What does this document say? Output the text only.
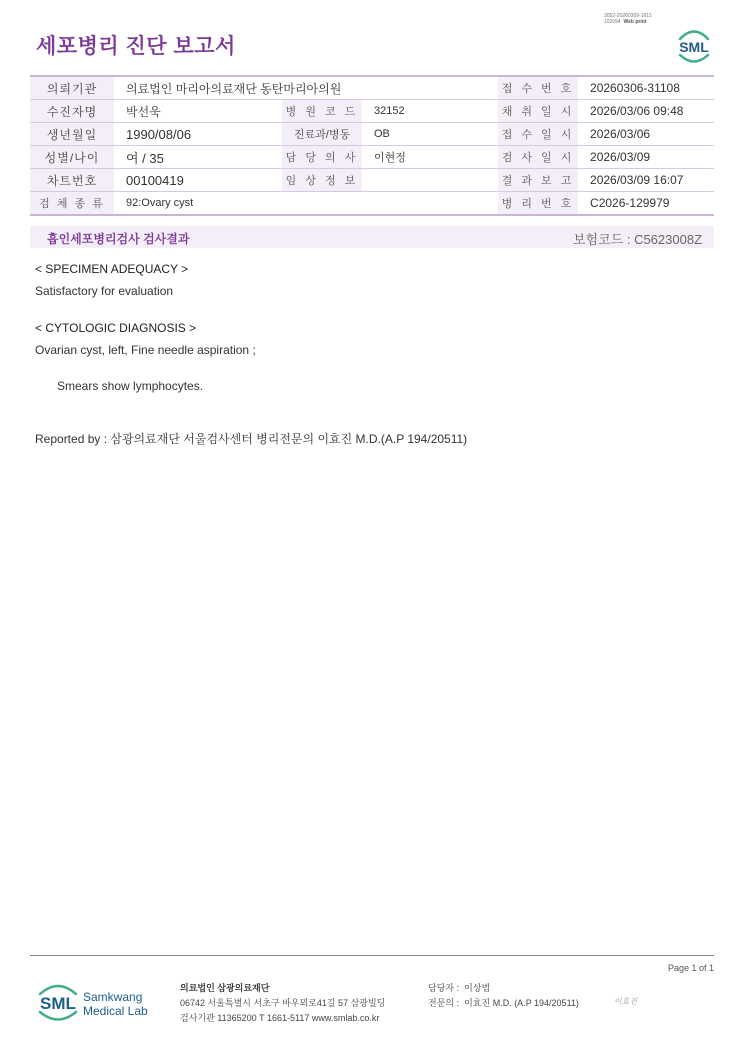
세포병리 진단 보고서
3052-20260309-1615
102094 Web print
SML
의뢰기관	의료법인 마리아의료재단 동탄마리아의원			접 수 번 호	20260306-31108
수진자명	박선욱	병 원 코 드	32152	채 취 일 시	2026/03/06 09:48
생년월일	1990/08/06	진료과/병동	OB	접 수 일 시	2026/03/06
성별/나이	여 / 35	담 당 의 사	이현정	검 사 일 시	2026/03/09
차트번호	00100419	임 상 정 보		결 과 보 고	2026/03/09 16:07
검 체 종 류	92:Ovary cyst			병 리 번 호	C2026-129979
흡인세포병리검사 검사결과	보험코드 : C5623008Z
< SPECIMEN ADEQUACY >
Satisfactory for evaluation
< CYTOLOGIC DIAGNOSIS >
Ovarian cyst, left, Fine needle aspiration ;
Smears show lymphocytes.
Reported by : 삼광의료재단 서울검사센터 병리전문의 이효진 M.D.(A.P 194/20511)
Page 1 of 1
SML Samkwang
Medical Lab
의료법인 삼광의료재단
06742 서울특별시 서초구 바우뫼로41길 57 삼광빌딩
검사기관 11365200 T 1661-5117 www.smlab.co.kr
담당자 : 이상범
전문의 : 이효진 M.D. (A.P 194/20511)	이효진
